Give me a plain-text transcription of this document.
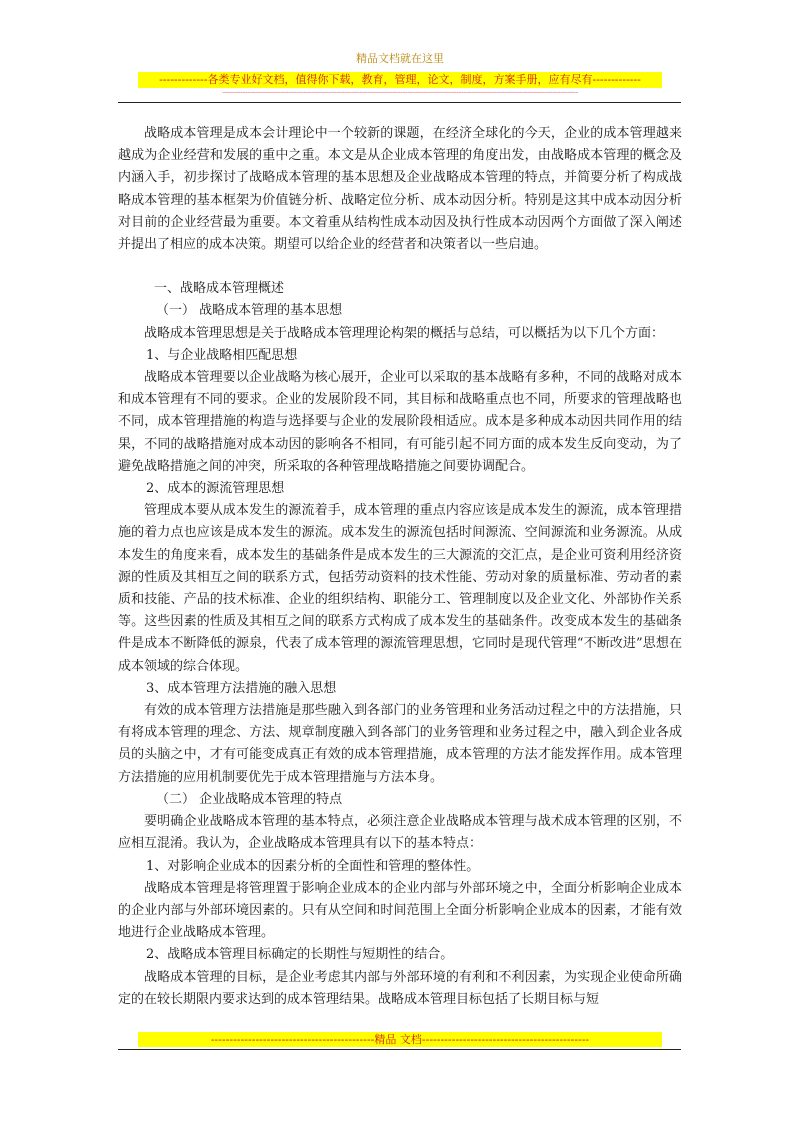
精品文档就在这里
-------------各类专业好文档，值得你下载，教育，管理，论文，制度，方案手册，应有尽有-------------
--------------------------------------------------------------------------------------------------------------------------------------------

战略成本管理是成本会计理论中一个较新的课题，在经济全球化的今天，企业的成本管理越来越成为企业经营和发展的重中之重。本文是从企业成本管理的角度出发，由战略成本管理的概念及内涵入手，初步探讨了战略成本管理的基本思想及企业战略成本管理的特点，并简要分析了构成战略成本管理的基本框架为价值链分析、战略定位分析、成本动因分析。特别是这其中成本动因分析对目前的企业经营最为重要。本文着重从结构性成本动因及执行性成本动因两个方面做了深入阐述并提出了相应的成本决策。期望可以给企业的经营者和决策者以一些启迪。

一、战略成本管理概述

（一） 战略成本管理的基本思想

战略成本管理思想是关于战略成本管理理论构架的概括与总结，可以概括为以下几个方面：

1、与企业战略相匹配思想

战略成本管理要以企业战略为核心展开，企业可以采取的基本战略有多种，不同的战略对成本和成本管理有不同的要求。企业的发展阶段不同，其目标和战略重点也不同，所要求的管理战略也不同，成本管理措施的构造与选择要与企业的发展阶段相适应。成本是多种成本动因共同作用的结果，不同的战略措施对成本动因的影响各不相同，有可能引起不同方面的成本发生反向变动，为了避免战略措施之间的冲突，所采取的各种管理战略措施之间要协调配合。

2、成本的源流管理思想

管理成本要从成本发生的源流着手，成本管理的重点内容应该是成本发生的源流，成本管理措施的着力点也应该是成本发生的源流。成本发生的源流包括时间源流、空间源流和业务源流。从成本发生的角度来看，成本发生的基础条件是成本发生的三大源流的交汇点，是企业可资利用经济资源的性质及其相互之间的联系方式，包括劳动资料的技术性能、劳动对象的质量标准、劳动者的素质和技能、产品的技术标准、企业的组织结构、职能分工、管理制度以及企业文化、外部协作关系等。这些因素的性质及其相互之间的联系方式构成了成本发生的基础条件。改变成本发生的基础条件是成本不断降低的源泉，代表了成本管理的源流管理思想，它同时是现代管理“不断改进”思想在成本领域的综合体现。

3、成本管理方法措施的融入思想

有效的成本管理方法措施是那些融入到各部门的业务管理和业务活动过程之中的方法措施，只有将成本管理的理念、方法、规章制度融入到各部门的业务管理和业务过程之中，融入到企业各成员的头脑之中，才有可能变成真正有效的成本管理措施，成本管理的方法才能发挥作用。成本管理方法措施的应用机制要优先于成本管理措施与方法本身。

（二） 企业战略成本管理的特点

要明确企业战略成本管理的基本特点，必须注意企业战略成本管理与战术成本管理的区别，不应相互混淆。我认为，企业战略成本管理具有以下的基本特点：

1、对影响企业成本的因素分析的全面性和管理的整体性。

战略成本管理是将管理置于影响企业成本的企业内部与外部环境之中，全面分析影响企业成本的企业内部与外部环境因素的。只有从空间和时间范围上全面分析影响企业成本的因素，才能有效地进行企业战略成本管理。

2、战略成本管理目标确定的长期性与短期性的结合。

战略成本管理的目标，是企业考虑其内部与外部环境的有利和不利因素，为实现企业使命所确定的在较长期限内要求达到的成本管理结果。战略成本管理目标包括了长期目标与短

--------------------------------------------精品 文档---------------------------------------------
